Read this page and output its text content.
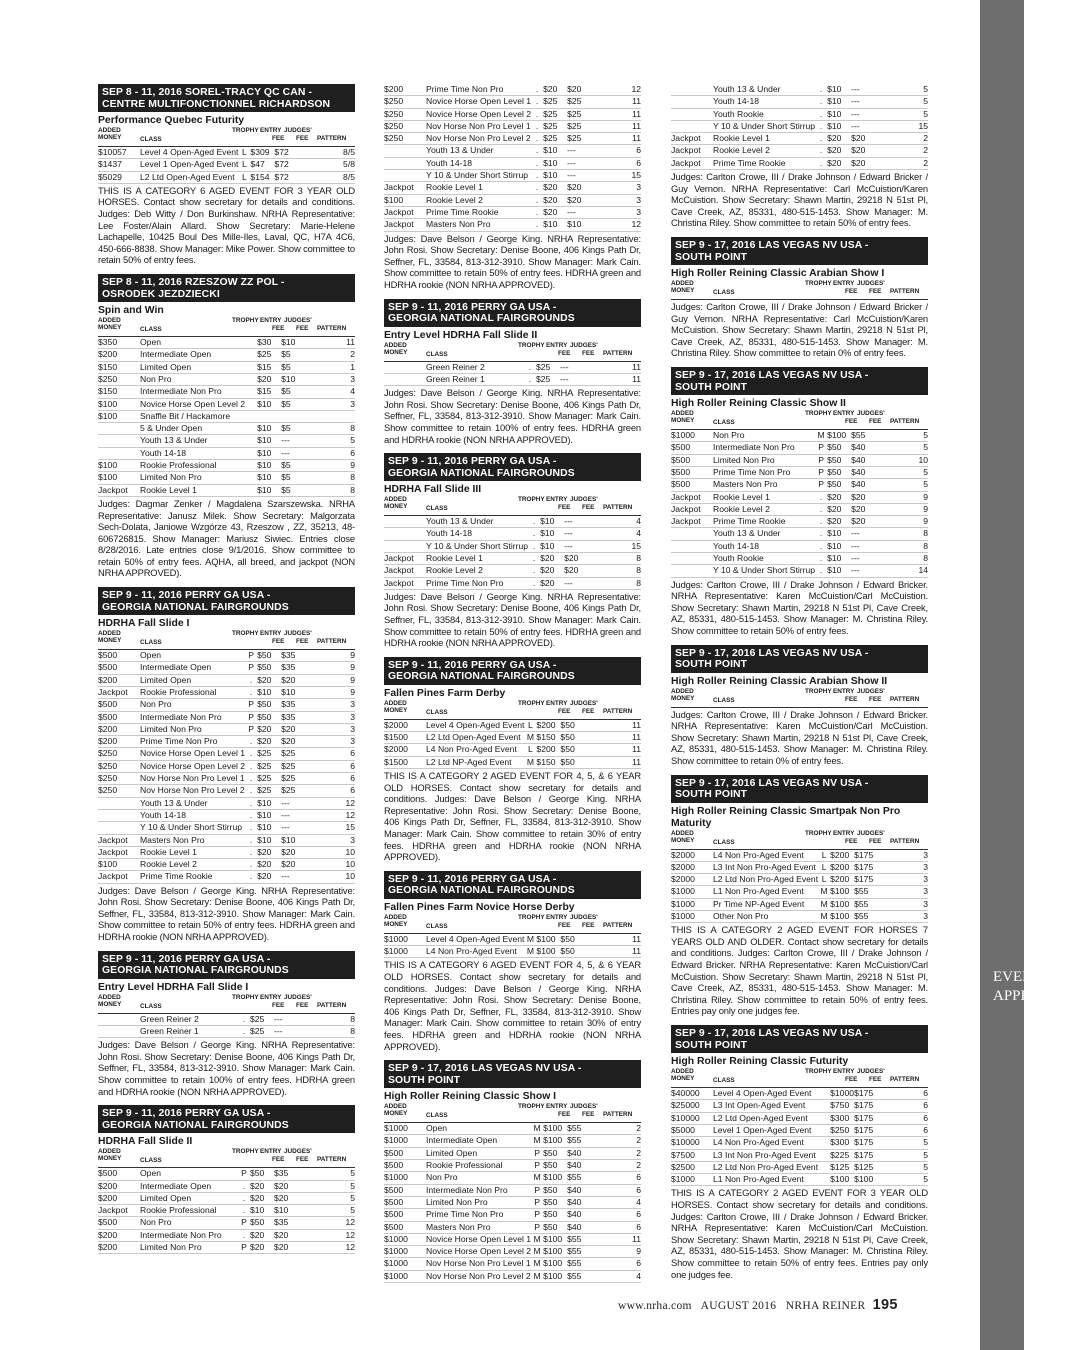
SEP 8 - 11, 2016 SOREL-TRACY QC CAN -
CENTRE MULTIFONCTIONNEL RICHARDSON
Performance Quebec Futurity
ADDED
MONEY	CLASS
TROPHY ENTRY JUDGES'
FEE FEE PATTERN
$10057	Level 4 Open-Aged Event	L	$309	$72	8/5
$1437	Level 1 Open-Aged Event	L	$47	$72	5/8
$5029	L2 Ltd Open-Aged Event	L	$154	$72	8/5
THIS IS A CATEGORY 6 AGED EVENT FOR 3 YEAR OLD HORSES. Contact show secretary for details and conditions. Judges: Deb Witty / Don Burkinshaw. NRHA Representative: Lee Foster/Alain Allard. Show Secretary: Marie-Helene Lachapelle, 10425 Boul Des Mille-Iles, Laval, QC, H7A 4C6, 450-666-8838. Show Manager: Mike Power. Show committee to retain 50% of entry fees.
SEP 8 - 11, 2016 RZESZOW ZZ POL -
OSRODEK JEZDZIECKI
Spin and Win
ADDED
MONEY	CLASS
TROPHY ENTRY JUDGES'
FEE FEE PATTERN
$350	Open		$30	$10	11
$200	Intermediate Open		$25	$5	2
$150	Limited Open		$15	$5	1
$250	Non Pro		$20	$10	3
$150	Intermediate Non Pro		$15	$5	4
$100	Novice Horse Open Level 2		$10	$5	3
$100	Snaffle Bit / Hackamore				
	5 & Under Open		$10	$5	8
	Youth 13 & Under		$10	---	5
	Youth 14-18		$10	---	6
$100	Rookie Professional		$10	$5	9
$100	Limited Non Pro		$10	$5	8
Jackpot	Rookie Level 1		$10	$5	8
Judges: Dagmar Zenker / Magdalena Szarszewska. NRHA Representative: Janusz Milek. Show Secretary: Malgorzata Sech-Dolata, Janiowe Wzgórze 43, Rzeszow , ZZ, 35213, 48-606726815. Show Manager: Mariusz Siwiec. Entries close 8/28/2016. Late entries close 9/1/2016. Show committee to retain 50% of entry fees. AQHA, all breed, and jackpot (NON NRHA APPROVED).
SEP 9 - 11, 2016 PERRY GA USA -
GEORGIA NATIONAL FAIRGROUNDS
HDRHA Fall Slide I
ADDED
MONEY	CLASS
TROPHY ENTRY JUDGES'
FEE FEE PATTERN
$500	Open	P	$50	$35	9
$500	Intermediate Open	P	$50	$35	9
$200	Limited Open	.	$20	$20	9
Jackpot	Rookie Professional	.	$10	$10	9
$500	Non Pro	P	$50	$35	3
$500	Intermediate Non Pro	P	$50	$35	3
$200	Limited Non Pro	P	$20	$20	3
$200	Prime Time Non Pro	.	$20	$20	3
$250	Novice Horse Open Level 1	.	$25	$25	6
$250	Novice Horse Open Level 2	.	$25	$25	6
$250	Nov Horse Non Pro Level 1	.	$25	$25	6
$250	Nov Horse Non Pro Level 2	.	$25	$25	6
	Youth 13 & Under	.	$10	---	12
	Youth 14-18	.	$10	---	12
	Y 10 & Under Short Stirrup	.	$10	---	15
Jackpot	Masters Non Pro	.	$10	$10	3
Jackpot	Rookie Level 1	.	$20	$20	10
$100	Rookie Level 2	.	$20	$20	10
Jackpot	Prime Time Rookie	.	$20	---	10
Judges: Dave Belson / George King. NRHA Representative: John Rosi. Show Secretary: Denise Boone, 406 Kings Path Dr, Seffner, FL, 33584, 813-312-3910. Show Manager: Mark Cain. Show committee to retain 50% of entry fees. HDRHA green and HDRHA rookie (NON NRHA APPROVED).
SEP 9 - 11, 2016 PERRY GA USA -
GEORGIA NATIONAL FAIRGROUNDS
Entry Level HDRHA Fall Slide I
ADDED
MONEY	CLASS
TROPHY ENTRY JUDGES'
FEE FEE PATTERN
	Green Reiner 2	.	$25	---	8
	Green Reiner 1	.	$25	---	8
Judges: Dave Belson / George King. NRHA Representative: John Rosi. Show Secretary: Denise Boone, 406 Kings Path Dr, Seffner, FL, 33584, 813-312-3910. Show Manager: Mark Cain. Show committee to retain 100% of entry fees. HDRHA green and HDRHA rookie (NON NRHA APPROVED).
SEP 9 - 11, 2016 PERRY GA USA -
GEORGIA NATIONAL FAIRGROUNDS
HDRHA Fall Slide II
ADDED
MONEY	CLASS
TROPHY ENTRY JUDGES'
FEE FEE PATTERN
$500	Open	P	$50	$35	5
$200	Intermediate Open	.	$20	$20	5
$200	Limited Open	.	$20	$20	5
Jackpot	Rookie Professional	.	$10	$10	5
$500	Non Pro	P	$50	$35	12
$200	Intermediate Non Pro	.	$20	$20	12
$200	Limited Non Pro	P	$20	$20	12
$200	Prime Time Non Pro	.	$20	$20	12
$250	Novice Horse Open Level 1	.	$25	$25	11
$250	Novice Horse Open Level 2	.	$25	$25	11
$250	Nov Horse Non Pro Level 1	.	$25	$25	11
$250	Nov Horse Non Pro Level 2	.	$25	$25	11
	Youth 13 & Under	.	$10	---	6
	Youth 14-18	.	$10	---	6
	Y 10 & Under Short Stirrup	.	$10	---	15
Jackpot	Rookie Level 1	.	$20	$20	3
$100	Rookie Level 2	.	$20	$20	3
Jackpot	Prime Time Rookie	.	$20	---	3
Jackpot	Masters Non Pro	.	$10	$10	12
Judges: Dave Belson / George King. NRHA Representative: John Rosi. Show Secretary: Denise Boone, 406 Kings Path Dr, Seffner, FL, 33584, 813-312-3910. Show Manager: Mark Cain. Show committee to retain 50% of entry fees. HDRHA green and HDRHA rookie (NON NRHA APPROVED).
SEP 9 - 11, 2016 PERRY GA USA -
GEORGIA NATIONAL FAIRGROUNDS
Entry Level HDRHA Fall Slide II
ADDED
MONEY	CLASS
TROPHY ENTRY JUDGES'
FEE FEE PATTERN
	Green Reiner 2	.	$25	---	11
	Green Reiner 1	.	$25	---	11
Judges: Dave Belson / George King. NRHA Representative: John Rosi. Show Secretary: Denise Boone, 406 Kings Path Dr, Seffner, FL, 33584, 813-312-3910. Show Manager: Mark Cain. Show committee to retain 100% of entry fees. HDRHA green and HDRHA rookie (NON NRHA APPROVED).
SEP 9 - 11, 2016 PERRY GA USA -
GEORGIA NATIONAL FAIRGROUNDS
HDRHA Fall Slide III
ADDED
MONEY	CLASS
TROPHY ENTRY JUDGES'
FEE FEE PATTERN
	Youth 13 & Under	.	$10	---	4
	Youth 14-18	.	$10	---	4
	Y 10 & Under Short Stirrup	.	$10	---	15
Jackpot	Rookie Level 1	.	$20	$20	8
Jackpot	Rookie Level 2	.	$20	$20	8
Jackpot	Prime Time Non Pro	.	$20	---	8
Judges: Dave Belson / George King. NRHA Representative: John Rosi. Show Secretary: Denise Boone, 406 Kings Path Dr, Seffner, FL, 33584, 813-312-3910. Show Manager: Mark Cain. Show committee to retain 50% of entry fees. HDRHA green and HDRHA rookie (NON NRHA APPROVED).
SEP 9 - 11, 2016 PERRY GA USA -
GEORGIA NATIONAL FAIRGROUNDS
Fallen Pines Farm Derby
ADDED
MONEY	CLASS
TROPHY ENTRY JUDGES'
FEE FEE PATTERN
$2000	Level 4 Open-Aged Event	L	$200	$50	11
$1500	L2 Ltd Open-Aged Event	M	$150	$50	11
$2000	L4 Non Pro-Aged Event	L	$200	$50	11
$1500	L2 Ltd NP-Aged Event	M	$150	$50	11
THIS IS A CATEGORY 2 AGED EVENT FOR 4, 5, & 6 YEAR OLD HORSES. Contact show secretary for details and conditions. Judges: Dave Belson / George King. NRHA Representative: John Rosi. Show Secretary: Denise Boone, 406 Kings Path Dr, Seffner, FL, 33584, 813-312-3910. Show Manager: Mark Cain. Show committee to retain 30% of entry fees. HDRHA green and HDRHA rookie (NON NRHA APPROVED).
SEP 9 - 11, 2016 PERRY GA USA -
GEORGIA NATIONAL FAIRGROUNDS
Fallen Pines Farm Novice Horse Derby
ADDED
MONEY	CLASS
TROPHY ENTRY JUDGES'
FEE FEE PATTERN
$1000	Level 4 Open-Aged Event	M	$100	$50	11
$1000	L4 Non Pro-Aged Event	M	$100	$50	11
THIS IS A CATEGORY 6 AGED EVENT FOR 4, 5, & 6 YEAR OLD HORSES. Contact show secretary for details and conditions. Judges: Dave Belson / George King. NRHA Representative: John Rosi. Show Secretary: Denise Boone, 406 Kings Path Dr, Seffner, FL, 33584, 813-312-3910. Show Manager: Mark Cain. Show committee to retain 30% of entry fees. HDRHA green and HDRHA rookie (NON NRHA APPROVED).
SEP 9 - 17, 2016 LAS VEGAS NV USA -
SOUTH POINT
High Roller Reining Classic Show I
ADDED
MONEY	CLASS
TROPHY ENTRY JUDGES'
FEE FEE PATTERN
$1000	Open	M	$100	$55	2
$1000	Intermediate Open	M	$100	$55	2
$500	Limited Open	P	$50	$40	2
$500	Rookie Professional	P	$50	$40	2
$1000	Non Pro	M	$100	$55	6
$500	Intermediate Non Pro	P	$50	$40	6
$500	Limited Non Pro	P	$50	$40	4
$500	Prime Time Non Pro	P	$50	$40	6
$500	Masters Non Pro	P	$50	$40	6
$1000	Novice Horse Open Level 1	M	$100	$55	11
$1000	Novice Horse Open Level 2	M	$100	$55	9
$1000	Nov Horse Non Pro Level 1	M	$100	$55	6
$1000	Nov Horse Non Pro Level 2	M	$100	$55	4
	Youth 13 & Under	.	$10	---	5
	Youth 14-18	.	$10	---	5
	Youth Rookie	.	$10	---	5
	Y 10 & Under Short Stirrup	.	$10	---	15
Jackpot	Rookie Level 1	.	$20	$20	2
Jackpot	Rookie Level 2	.	$20	$20	2
Jackpot	Prime Time Rookie	.	$20	$20	2
Judges: Carlton Crowe, III / Drake Johnson / Edward Bricker / Guy Vernon. NRHA Representative: Carl McCuistion/Karen McCuistion. Show Secretary: Shawn Martin, 29218 N 51st Pl, Cave Creek, AZ, 85331, 480-515-1453. Show Manager: M. Christina Riley. Show committee to retain 50% of entry fees.
SEP 9 - 17, 2016 LAS VEGAS NV USA -
SOUTH POINT
High Roller Reining Classic Arabian Show I
ADDED
MONEY	CLASS
TROPHY ENTRY JUDGES'
FEE FEE PATTERN
Judges: Carlton Crowe, III / Drake Johnson / Edward Bricker / Guy Vernon. NRHA Representative: Carl McCuistion/Karen McCuistion. Show Secretary: Shawn Martin, 29218 N 51st Pl, Cave Creek, AZ, 85331, 480-515-1453. Show Manager: M. Christina Riley. Show committee to retain 0% of entry fees.
SEP 9 - 17, 2016 LAS VEGAS NV USA -
SOUTH POINT
High Roller Reining Classic Show II
ADDED
MONEY	CLASS
TROPHY ENTRY JUDGES'
FEE FEE PATTERN
$1000	Non Pro	M	$100	$55	5
$500	Intermediate Non Pro	P	$50	$40	5
$500	Limited Non Pro	P	$50	$40	10
$500	Prime Time Non Pro	P	$50	$40	5
$500	Masters Non Pro	P	$50	$40	5
Jackpot	Rookie Level 1	.	$20	$20	9
Jackpot	Rookie Level 2	.	$20	$20	9
Jackpot	Prime Time Rookie	.	$20	$20	9
	Youth 13 & Under	.	$10	---	8
	Youth 14-18	.	$10	---	8
	Youth Rookie	.	$10	---	8
	Y 10 & Under Short Stirrup	.	$10	---	14
Judges: Carlton Crowe, III / Drake Johnson / Edward Bricker. NRHA Representative: Karen McCuistion/Carl McCuistion. Show Secretary: Shawn Martin, 29218 N 51st Pl, Cave Creek, AZ, 85331, 480-515-1453. Show Manager: M. Christina Riley. Show committee to retain 50% of entry fees.
SEP 9 - 17, 2016 LAS VEGAS NV USA -
SOUTH POINT
High Roller Reining Classic Arabian Show II
ADDED
MONEY	CLASS
TROPHY ENTRY JUDGES'
FEE FEE PATTERN
Judges: Carlton Crowe, III / Drake Johnson / Edward Bricker. NRHA Representative: Karen McCuistion/Carl McCuistion. Show Secretary: Shawn Martin, 29218 N 51st Pl, Cave Creek, AZ, 85331, 480-515-1453. Show Manager: M. Christina Riley. Show committee to retain 0% of entry fees.
SEP 9 - 17, 2016 LAS VEGAS NV USA -
SOUTH POINT
High Roller Reining Classic Smartpak Non Pro Maturity
ADDED
MONEY	CLASS
TROPHY ENTRY JUDGES'
FEE FEE PATTERN
$2000	L4 Non Pro-Aged Event	L	$200	$175	3
$2000	L3 Int Non Pro-Aged Event	L	$200	$175	3
$2000	L2 Ltd Non Pro-Aged Event	L	$200	$175	3
$1000	L1 Non Pro-Aged Event	M	$100	$55	3
$1000	Pr Time NP-Aged Event	M	$100	$55	3
$1000	Other Non Pro	M	$100	$55	3
THIS IS A CATEGORY 2 AGED EVENT FOR HORSES 7 YEARS OLD AND OLDER. Contact show secretary for details and conditions. Judges: Carlton Crowe, III / Drake Johnson / Edward Bricker. NRHA Representative: Karen McCuistion/Carl McCuistion. Show Secretary: Shawn Martin, 29218 N 51st Pl, Cave Creek, AZ, 85331, 480-515-1453. Show Manager: M. Christina Riley. Show committee to retain 50% of entry fees. Entries pay only one judges fee.
SEP 9 - 17, 2016 LAS VEGAS NV USA -
SOUTH POINT
High Roller Reining Classic Futurity
ADDED
MONEY	CLASS
TROPHY ENTRY JUDGES'
FEE FEE PATTERN
$40000	Level 4 Open-Aged Event		$1000	$175	6
$25000	L3 Int Open-Aged Event		$750	$175	6
$10000	L2 Ltd Open-Aged Event		$300	$175	6
$5000	Level 1 Open-Aged Event		$250	$175	6
$10000	L4 Non Pro-Aged Event		$300	$175	5
$7500	L3 Int Non Pro-Aged Event		$225	$175	5
$2500	L2 Ltd Non Pro-Aged Event		$125	$125	5
$1000	L1 Non Pro-Aged Event		$100	$100	5
THIS IS A CATEGORY 2 AGED EVENT FOR 3 YEAR OLD HORSES. Contact show secretary for details and conditions. Judges: Carlton Crowe, III / Drake Johnson / Edward Bricker. NRHA Representative: Karen McCuistion/Carl McCuistion. Show Secretary: Shawn Martin, 29218 N 51st Pl, Cave Creek, AZ, 85331, 480-515-1453. Show Manager: M. Christina Riley. Show committee to retain 50% of entry fees. Entries pay only one judges fee.
EVENT APPROVALS
www.nrha.com AUGUST 2016 NRHA REINER 195
